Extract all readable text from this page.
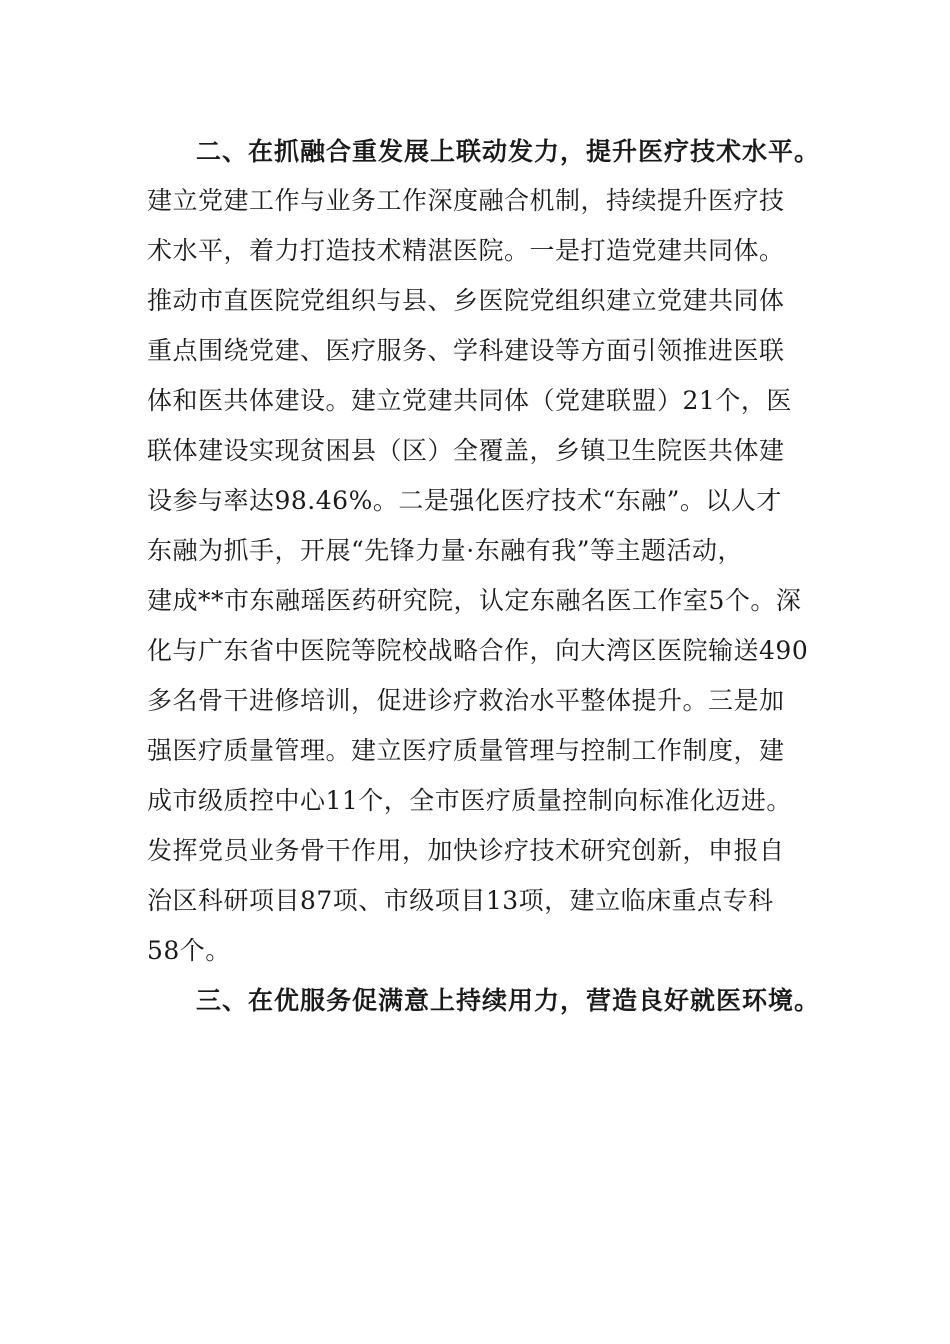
二、在抓融合重发展上联动发力，提升医疗技术水平。
建立党建工作与业务工作深度融合机制，持续提升医疗技
术水平，着力打造技术精湛医院。一是打造党建共同体。
推动市直医院党组织与县、乡医院党组织建立党建共同体
重点围绕党建、医疗服务、学科建设等方面引领推进医联
体和医共体建设。建立党建共同体（党建联盟）21个，医
联体建设实现贫困县（区）全覆盖，乡镇卫生院医共体建
设参与率达98.46%。二是强化医疗技术“东融”。以人才
东融为抓手，开展“先锋力量·东融有我”等主题活动，
建成**市东融瑶医药研究院，认定东融名医工作室5个。深
化与广东省中医院等院校战略合作，向大湾区医院输送490
多名骨干进修培训，促进诊疗救治水平整体提升。三是加
强医疗质量管理。建立医疗质量管理与控制工作制度，建
成市级质控中心11个，全市医疗质量控制向标准化迈进。
发挥党员业务骨干作用，加快诊疗技术研究创新，申报自
治区科研项目87项、市级项目13项，建立临床重点专科
58个。
三、在优服务促满意上持续用力，营造良好就医环境。
